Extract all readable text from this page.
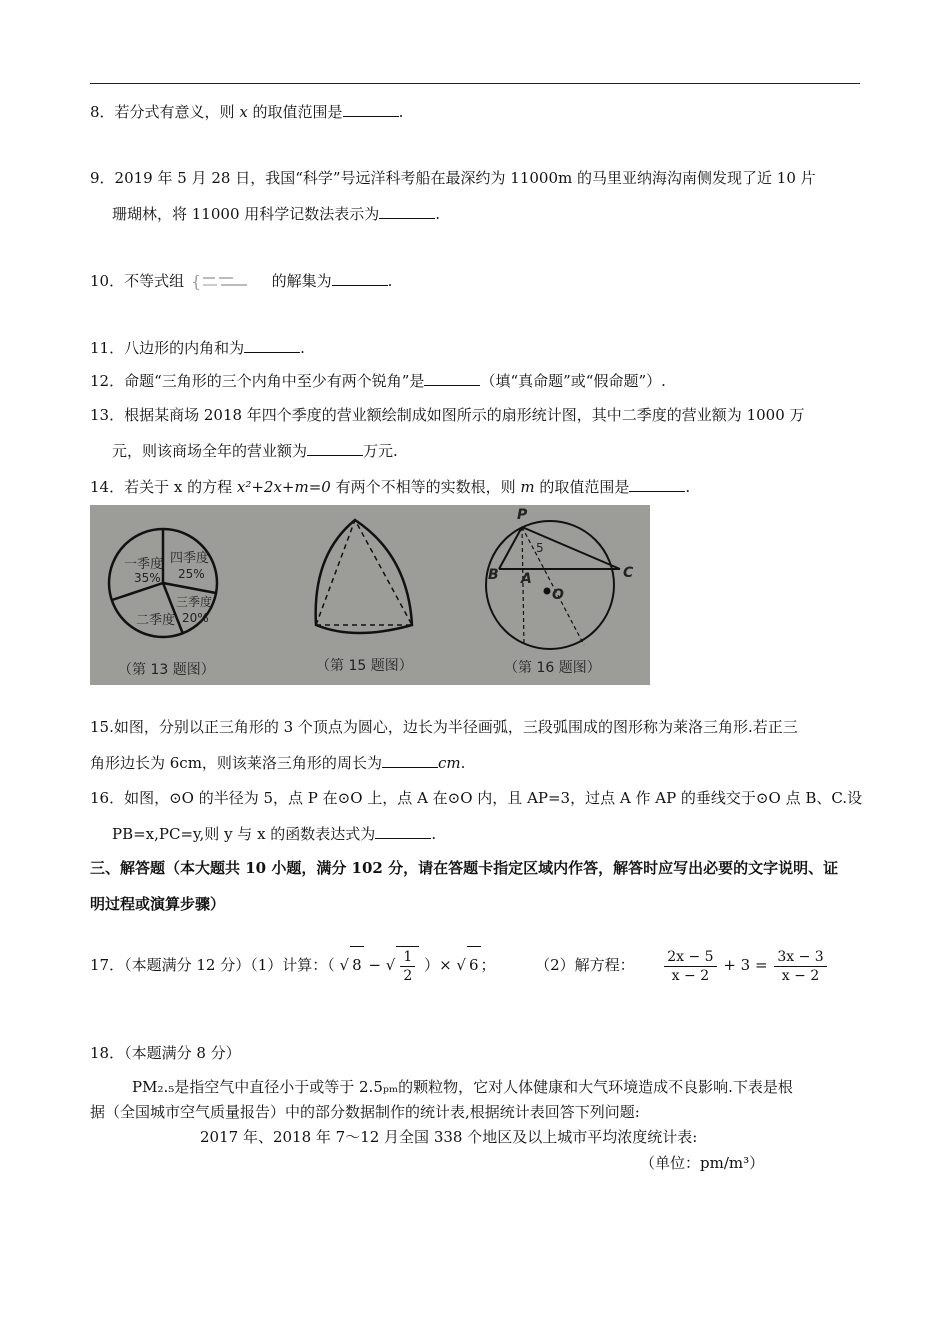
8．若分式有意义，则 x 的取值范围是	.
9．2019 年 5 月 28 日，我国“科学”号远洋科考船在最深约为 11000m 的马里亚纳海沟南侧发现了近 10 片
珊瑚林，将 11000 用科学记数法表示为	.
10．不等式组 {	的解集为	.
11．八边形的内角和为	.
12．命题“三角形的三个内角中至少有两个锐角”是	（填“真命题”或“假命题”）.
13．根据某商场 2018 年四个季度的营业额绘制成如图所示的扇形统计图，其中二季度的营业额为 1000 万
元，则该商场全年的营业额为	万元.
14．若关于 x 的方程 x²+2x+m=0 有两个不相等的实数根，则 m 的取值范围是	.
一季度
35%
四季度
25%
三季度
20%
二季度
P
B A	C
O
5
（第 13 题图）	（第 15 题图）	（第 16 题图）
15.如图，分别以正三角形的 3 个顶点为圆心，边长为半径画弧，三段弧围成的图形称为莱洛三角形.若正三
角形边长为 6cm，则该莱洛三角形的周长为	cm.
16．如图，⊙O 的半径为 5，点 P 在⊙O 上，点 A 在⊙O 内，且 AP=3，过点 A 作 AP 的垂线交于⊙O 点 B、C.设
PB=x,PC=y,则 y 与 x 的函数表达式为	.
三、解答题（本大题共 10 小题，满分 102 分，请在答题卡指定区域内作答，解答时应写出必要的文字说明、证
明过程或演算步骤）
17．（本题满分 12 分）（1）计算：（ √ 8 − √ $\frac{1}{2}$ ）× √ 6 ；	（2）解方程： $\frac{2x - 5}{x - 2} + 3 = \frac{3x - 3}{x - 2}$
18．（本题满分 8 分）
PM₂.₅是指空气中直径小于或等于 2.5ₚₘ的颗粒物，它对人体健康和大气环境造成不良影响.下表是根
据（全国城市空气质量报告）中的部分数据制作的统计表,根据统计表回答下列问题:
2017 年、2018 年 7～12 月全国 338 个地区及以上城市平均浓度统计表:
（单位：pm/m³）
